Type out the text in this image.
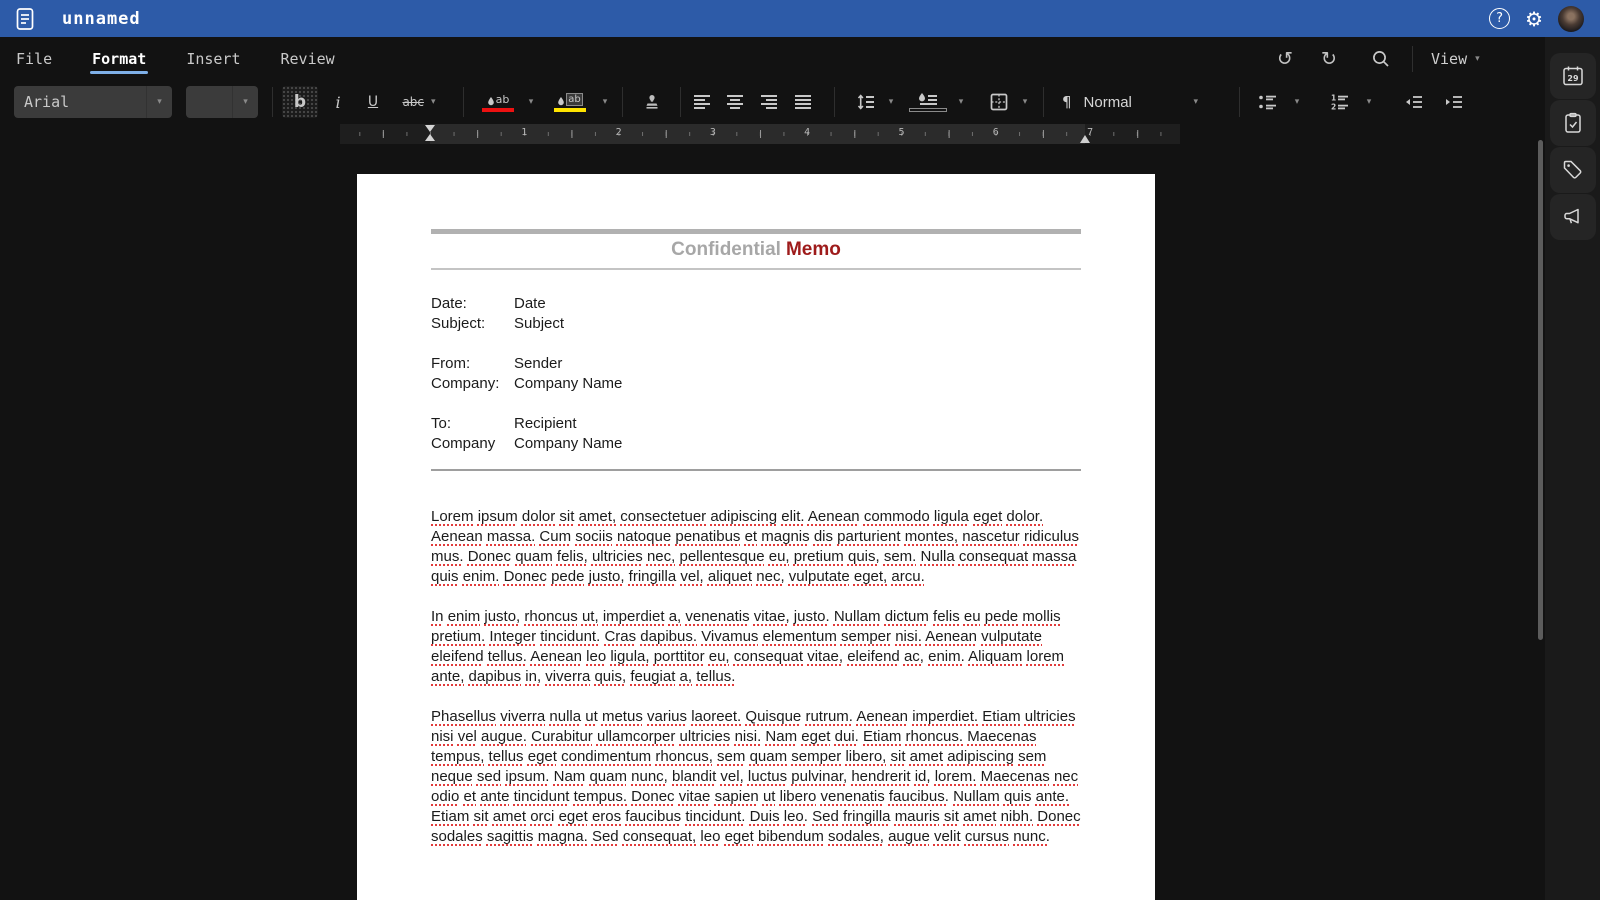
unnamed	?	⚙
File	Format	Insert	Review	↺	↻	View ▾
Arial	▾	▾	b	i	U	abc ▾	ab ▾	ab ▾	▾	▾	▾ ¶ Normal	▾	▾	1
2	▾
1	2	3	4	5	6	7
Confidential Memo
Date:	Date
Subject:	Subject
From:	Sender
Company: Company Name
To:	Recipient
Company	Company Name

Lorem ipsum dolor sit amet, consectetuer adipiscing elit. Aenean commodo ligula eget dolor. Aenean massa. Cum sociis natoque penatibus et magnis dis parturient montes, nascetur ridiculus mus. Donec quam felis, ultricies nec, pellentesque eu, pretium quis, sem. Nulla consequat massa quis enim. Donec pede justo, fringilla vel, aliquet nec, vulputate eget, arcu.

In enim justo, rhoncus ut, imperdiet a, venenatis vitae, justo. Nullam dictum felis eu pede mollis pretium. Integer tincidunt. Cras dapibus. Vivamus elementum semper nisi. Aenean vulputate eleifend tellus. Aenean leo ligula, porttitor eu, consequat vitae, eleifend ac, enim. Aliquam lorem ante, dapibus in, viverra quis, feugiat a, tellus.

Phasellus viverra nulla ut metus varius laoreet. Quisque rutrum. Aenean imperdiet. Etiam ultricies nisi vel augue. Curabitur ullamcorper ultricies nisi. Nam eget dui. Etiam rhoncus. Maecenas tempus, tellus eget condimentum rhoncus, sem quam semper libero, sit amet adipiscing sem neque sed ipsum. Nam quam nunc, blandit vel, luctus pulvinar, hendrerit id, lorem. Maecenas nec odio et ante tincidunt tempus. Donec vitae sapien ut libero venenatis faucibus. Nullam quis ante. Etiam sit amet orci eget eros faucibus tincidunt. Duis leo. Sed fringilla mauris sit amet nibh. Donec sodales sagittis magna. Sed consequat, leo eget bibendum sodales, augue velit cursus nunc.

29
